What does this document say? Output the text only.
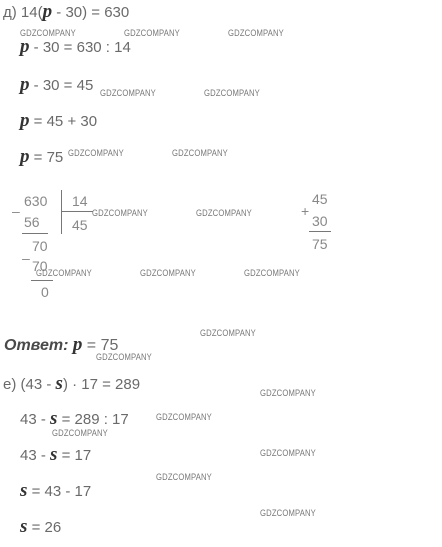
д) 14(p - 30) = 630
p - 30 = 630 : 14
p - 30 = 45
p = 45 + 30
p = 75
–
630 14
56 45
–
70
70
0
+
45
30
75
Ответ: p = 75
е) (43 - s) · 17 = 289
43 - s = 289 : 17
43 - s = 17
s = 43 - 17
s = 26
GDZCOMPANY	GDZCOMPANY	GDZCOMPANY
GDZCOMPANY	GDZCOMPANY
GDZCOMPANY	GDZCOMPANY
GDZCOMPANY	GDZCOMPANY
GDZCOMPANY	GDZCOMPANY	GDZCOMPANY
GDZCOMPANY
GDZCOMPANY
GDZCOMPANY
GDZCOMPANY
GDZCOMPANY
GDZCOMPANY
GDZCOMPANY
GDZCOMPANY
